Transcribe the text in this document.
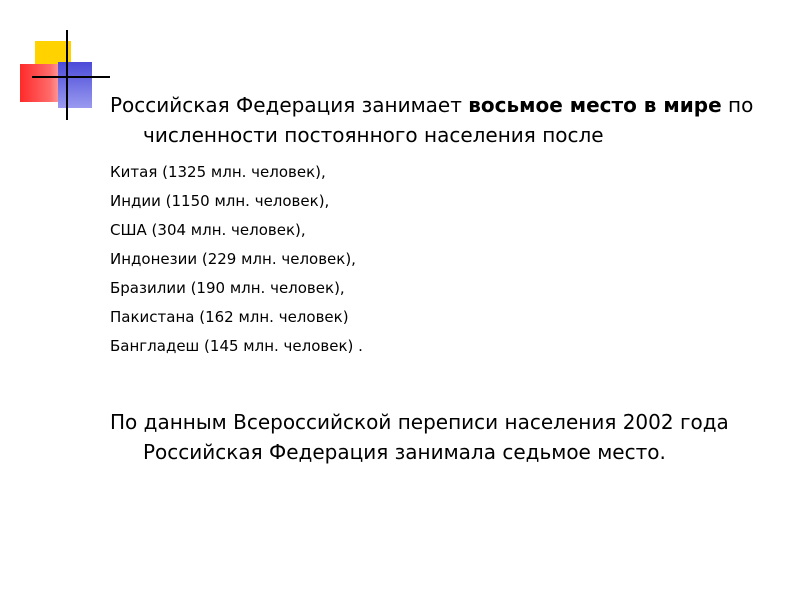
Российская Федерация занимает восьмое место в мире по численности постоянного населения после

Китая (1325 млн. человек),
Индии (1150 млн. человек),
США (304 млн. человек),
Индонезии (229 млн. человек),
Бразилии (190 млн. человек),
Пакистана (162 млн. человек)
Бангладеш (145 млн. человек) .

По данным Всероссийской переписи населения 2002 года Российская Федерация занимала седьмое место.
